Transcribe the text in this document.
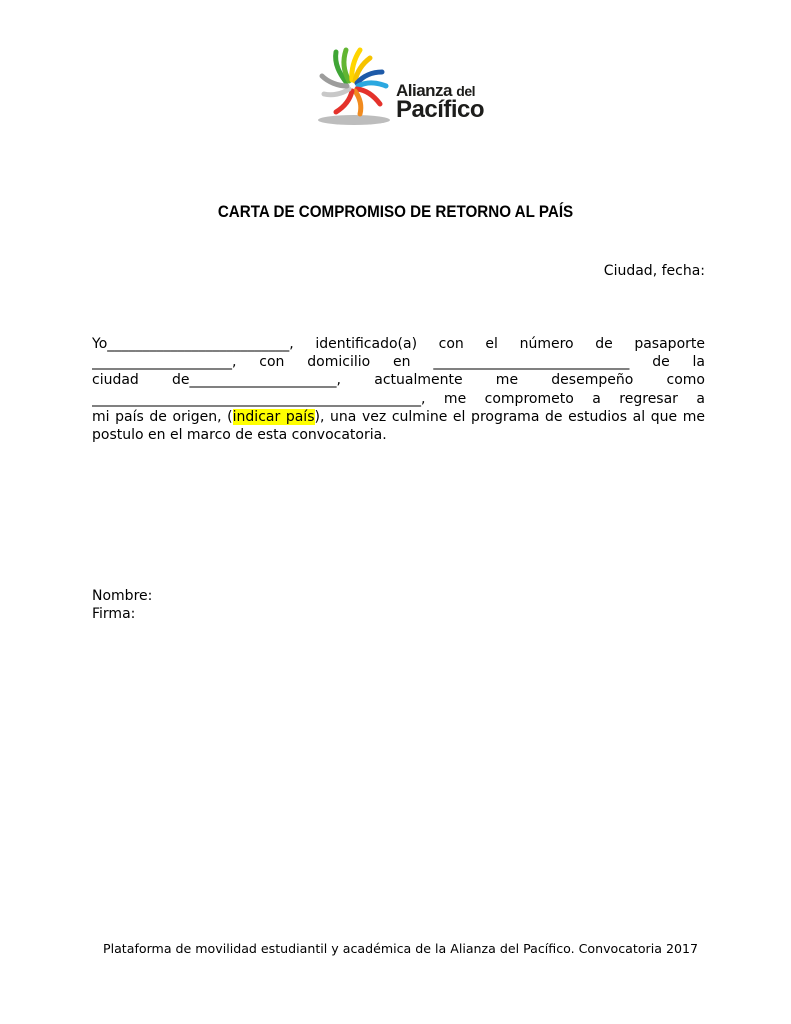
Alianza del
Pacífico
CARTA DE COMPROMISO DE RETORNO AL PAÍS
Ciudad, fecha:
Yo__________________________, identificado(a) con el número de pasaporte
____________________, con domicilio en ____________________________ de la
ciudad de_____________________, actualmente me desempeño como
_______________________________________________, me comprometo a regresar a
mi país de origen, (indicar país), una vez culmine el programa de estudios al que me
postulo en el marco de esta convocatoria.
Nombre:
Firma:
Plataforma de movilidad estudiantil y académica de la Alianza del Pacífico. Convocatoria 2017
